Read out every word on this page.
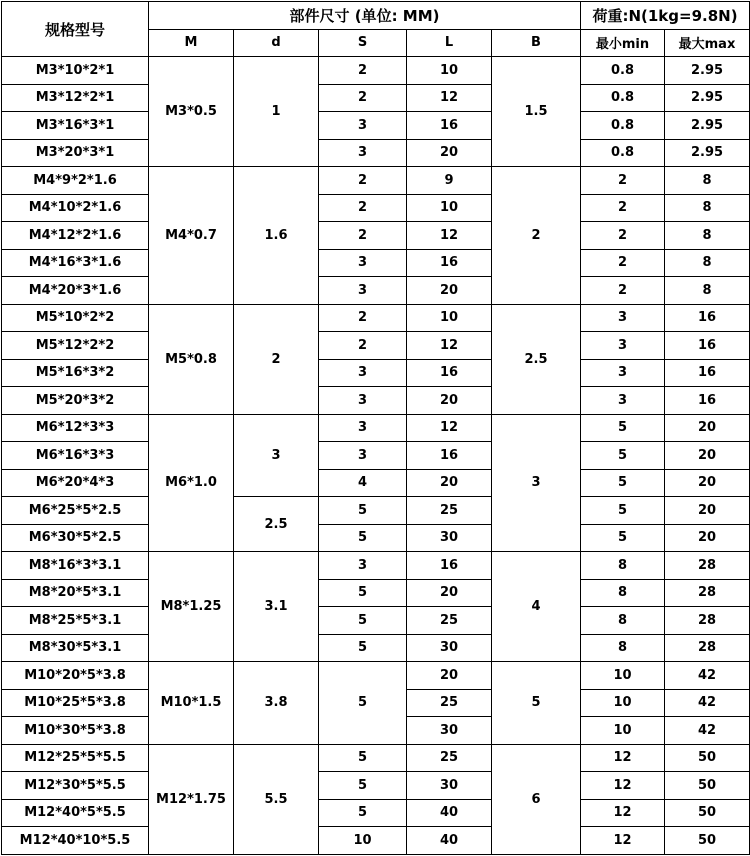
规格型号	部件尺寸 (单位: MM)					荷重:N(1kg=9.8N)	
	M	d	S	L	B	最小min	最大max
M3*10*2*1	M3*0.5	1	2	10	1.5	0.8	2.95
M3*12*2*1			2	12		0.8	2.95
M3*16*3*1			3	16		0.8	2.95
M3*20*3*1			3	20		0.8	2.95
M4*9*2*1.6	M4*0.7	1.6	2	9	2	2	8
M4*10*2*1.6			2	10		2	8
M4*12*2*1.6			2	12		2	8
M4*16*3*1.6			3	16		2	8
M4*20*3*1.6			3	20		2	8
M5*10*2*2	M5*0.8	2	2	10	2.5	3	16
M5*12*2*2			2	12		3	16
M5*16*3*2			3	16		3	16
M5*20*3*2			3	20		3	16
M6*12*3*3	M6*1.0	3	3	12	3	5	20
M6*16*3*3			3	16		5	20
M6*20*4*3			4	20		5	20
M6*25*5*2.5		2.5	5	25		5	20
M6*30*5*2.5			5	30		5	20
M8*16*3*3.1	M8*1.25	3.1	3	16	4	8	28
M8*20*5*3.1			5	20		8	28
M8*25*5*3.1			5	25		8	28
M8*30*5*3.1			5	30		8	28
M10*20*5*3.8	M10*1.5	3.8	5	20	5	10	42
M10*25*5*3.8				25		10	42
M10*30*5*3.8				30		10	42
M12*25*5*5.5	M12*1.75	5.5	5	25	6	12	50
M12*30*5*5.5			5	30		12	50
M12*40*5*5.5			5	40		12	50
M12*40*10*5.5			10	40		12	50
